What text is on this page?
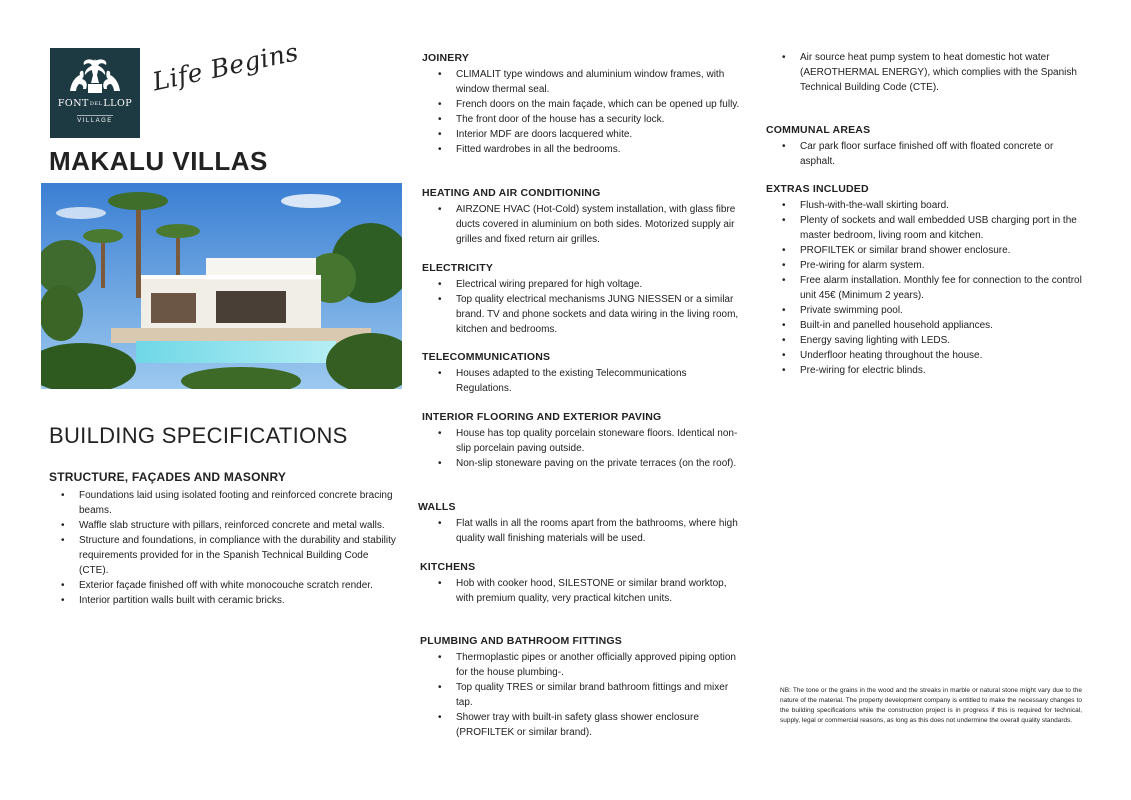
FONTDELLLOP
VILLAGE
Life Begins
MAKALU VILLAS
BUILDING SPECIFICATIONS
STRUCTURE, FAÇADES AND MASONRY
• Foundations laid using isolated footing and reinforced concrete bracing beams.
• Waffle slab structure with pillars, reinforced concrete and metal walls.
• Structure and foundations, in compliance with the durability and stability requirements provided for in the Spanish Technical Building Code (CTE).
• Exterior façade finished off with white monocouche scratch render.
• Interior partition walls built with ceramic bricks.
JOINERY
• CLIMALIT type windows and aluminium window frames, with window thermal seal.
• French doors on the main façade, which can be opened up fully.
• The front door of the house has a security lock.
• Interior MDF are doors lacquered white.
• Fitted wardrobes in all the bedrooms.
HEATING AND AIR CONDITIONING
• AIRZONE HVAC (Hot-Cold) system installation, with glass fibre ducts covered in aluminium on both sides. Motorized supply air grilles and fixed return air grilles.
ELECTRICITY
• Electrical wiring prepared for high voltage.
• Top quality electrical mechanisms JUNG NIESSEN or a similar brand. TV and phone sockets and data wiring in the living room, kitchen and bedrooms.
TELECOMMUNICATIONS
• Houses adapted to the existing Telecommunications Regulations.
INTERIOR FLOORING AND EXTERIOR PAVING
• House has top quality porcelain stoneware floors. Identical non-slip porcelain paving outside.
• Non-slip stoneware paving on the private terraces (on the roof).
WALLS
• Flat walls in all the rooms apart from the bathrooms, where high quality wall finishing materials will be used.
KITCHENS
• Hob with cooker hood, SILESTONE or similar brand worktop, with premium quality, very practical kitchen units.
PLUMBING AND BATHROOM FITTINGS
• Thermoplastic pipes or another officially approved piping option for the house plumbing-.
• Top quality TRES or similar brand bathroom fittings and mixer tap.
• Shower tray with built-in safety glass shower enclosure (PROFILTEK or similar brand).
• Air source heat pump system to heat domestic hot water (AEROTHERMAL ENERGY), which complies with the Spanish Technical Building Code (CTE).
COMMUNAL AREAS
• Car park floor surface finished off with floated concrete or asphalt.
EXTRAS INCLUDED
• Flush-with-the-wall skirting board.
• Plenty of sockets and wall embedded USB charging port in the master bedroom, living room and kitchen.
• PROFILTEK or similar brand shower enclosure.
• Pre-wiring for alarm system.
• Free alarm installation. Monthly fee for connection to the control unit 45€ (Minimum 2 years).
• Private swimming pool.
• Built-in and panelled household appliances.
• Energy saving lighting with LEDS.
• Underfloor heating throughout the house.
• Pre-wiring for electric blinds.
NB: The tone or the grains in the wood and the streaks in marble or natural stone might vary due to the nature of the material. The property development company is entitled to make the necessary changes to the building specifications while the construction project is in progress if this is required for technical, supply, legal or commercial reasons, as long as this does not undermine the overall quality standards.
